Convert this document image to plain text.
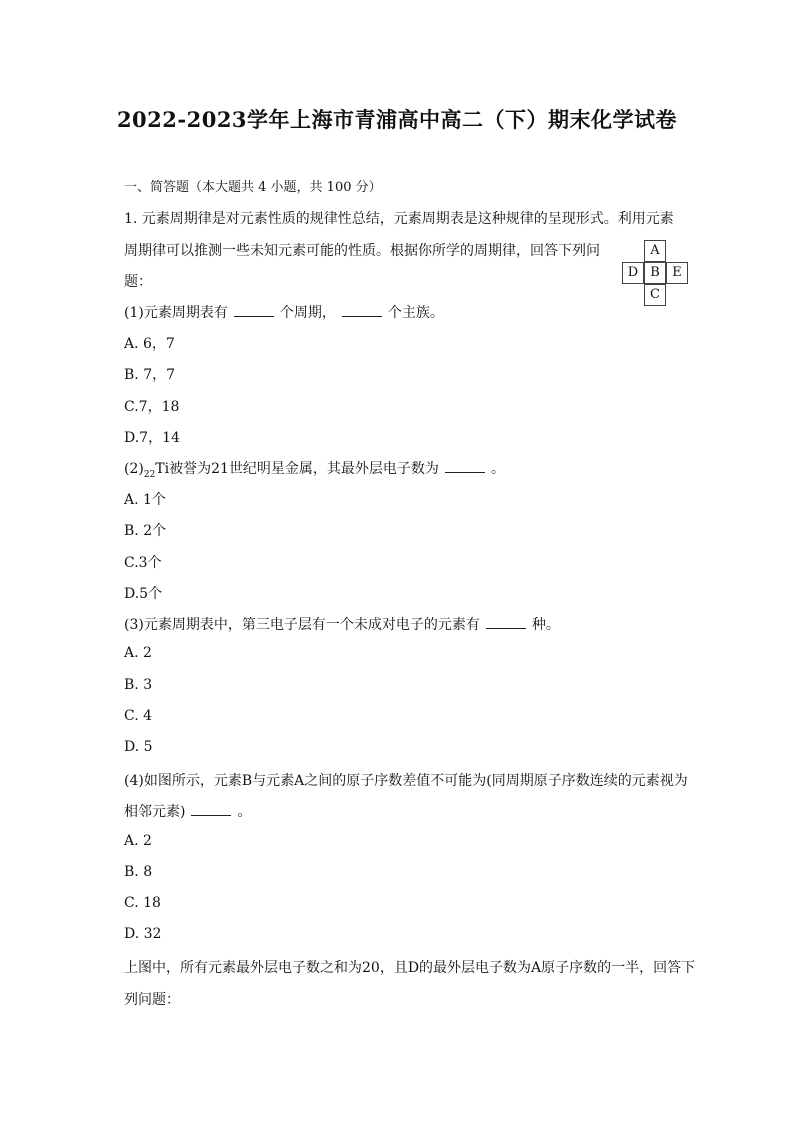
2022-2023学年上海市青浦高中高二（下）期末化学试卷
一、简答题（本大题共 4 小题，共 100 分）
1. 元素周期律是对元素性质的规律性总结，元素周期表是这种规律的呈现形式。利用元素
周期律可以推测一些未知元素可能的性质。根据你所学的周期律，回答下列问
题：
A
D B E
C
(1)元素周期表有	个周期，	个主族。
A. 6，7
B. 7，7
C.7，18
D.7，14
$(2)_{22}Ti$被誉为21世纪明星金属，其最外层电子数为	。
A. 1个
B. 2个
C.3个
D.5个
(3)元素周期表中，第三电子层有一个未成对电子的元素有	种。
A. 2
B. 3
C. 4
D. 5
(4)如图所示，元素B与元素A之间的原子序数差值不可能为(同周期原子序数连续的元素视为
相邻元素)	。
A. 2
B. 8
C. 18
D. 32
上图中，所有元素最外层电子数之和为20，且D的最外层电子数为A原子序数的一半，回答下
列问题：
